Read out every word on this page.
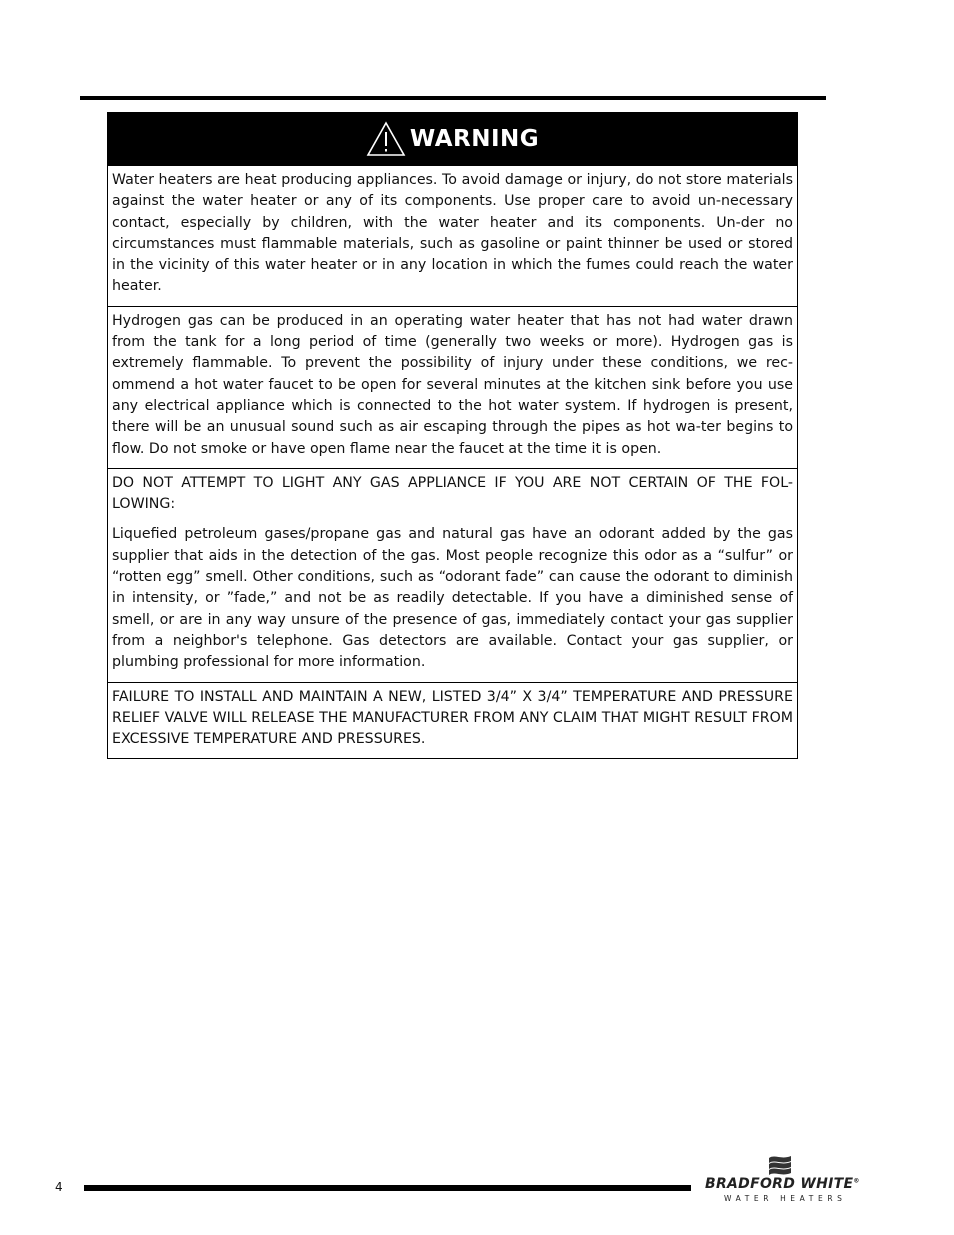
WARNING

Water heaters are heat producing appliances. To avoid damage or injury, do not store materials against the water heater or any of its components. Use proper care to avoid un-necessary contact, especially by children, with the water heater and its components. Un-der no circumstances must flammable materials, such as gasoline or paint thinner be used or stored in the vicinity of this water heater or in any location in which the fumes could reach the water heater.

Hydrogen gas can be produced in an operating water heater that has not had water drawn from the tank for a long period of time (generally two weeks or more). Hydrogen gas is extremely flammable. To prevent the possibility of injury under these conditions, we rec-ommend a hot water faucet to be open for several minutes at the kitchen sink before you use any electrical appliance which is connected to the hot water system. If hydrogen is present, there will be an unusual sound such as air escaping through the pipes as hot wa-ter begins to flow. Do not smoke or have open flame near the faucet at the time it is open.

DO NOT ATTEMPT TO LIGHT ANY GAS APPLIANCE IF YOU ARE NOT CERTAIN OF THE FOL-LOWING:

Liquefied petroleum gases/propane gas and natural gas have an odorant added by the gas supplier that aids in the detection of the gas. Most people recognize this odor as a “sulfur” or “rotten egg” smell. Other conditions, such as “odorant fade” can cause the odorant to diminish in intensity, or ”fade,” and not be as readily detectable. If you have a diminished sense of smell, or are in any way unsure of the presence of gas, immediately contact your gas supplier from a neighbor's telephone. Gas detectors are available. Contact your gas supplier, or plumbing professional for more information.

FAILURE TO INSTALL AND MAINTAIN A NEW, LISTED 3/4” X 3/4” TEMPERATURE AND PRESSURE RELIEF VALVE WILL RELEASE THE MANUFACTURER FROM ANY CLAIM THAT MIGHT RESULT FROM EXCESSIVE TEMPERATURE AND PRESSURES.

4	BRADFORD WHITE®
WATER HEATERS
